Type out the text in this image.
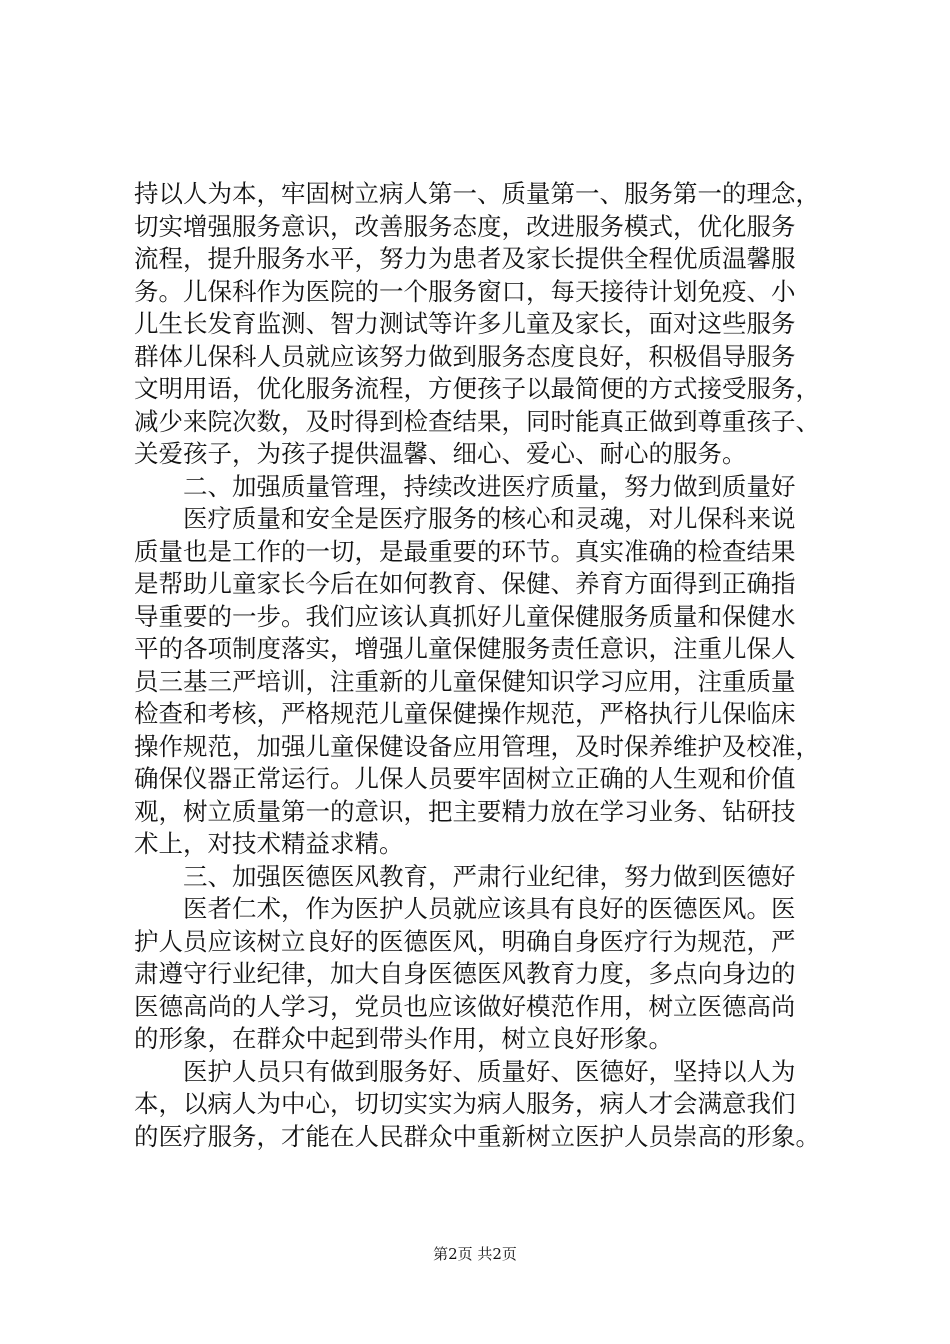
持以人为本，牢固树立病人第一、质量第一、服务第一的理念，
切实增强服务意识，改善服务态度，改进服务模式，优化服务
流程，提升服务水平，努力为患者及家长提供全程优质温馨服
务。儿保科作为医院的一个服务窗口，每天接待计划免疫、小
儿生长发育监测、智力测试等许多儿童及家长，面对这些服务
群体儿保科人员就应该努力做到服务态度良好，积极倡导服务
文明用语，优化服务流程，方便孩子以最简便的方式接受服务，
减少来院次数，及时得到检查结果，同时能真正做到尊重孩子、
关爱孩子，为孩子提供温馨、细心、爱心、耐心的服务。
二、加强质量管理，持续改进医疗质量，努力做到质量好
医疗质量和安全是医疗服务的核心和灵魂，对儿保科来说
质量也是工作的一切，是最重要的环节。真实准确的检查结果
是帮助儿童家长今后在如何教育、保健、养育方面得到正确指
导重要的一步。我们应该认真抓好儿童保健服务质量和保健水
平的各项制度落实，增强儿童保健服务责任意识，注重儿保人
员三基三严培训，注重新的儿童保健知识学习应用，注重质量
检查和考核，严格规范儿童保健操作规范，严格执行儿保临床
操作规范，加强儿童保健设备应用管理，及时保养维护及校准，
确保仪器正常运行。儿保人员要牢固树立正确的人生观和价值
观，树立质量第一的意识，把主要精力放在学习业务、钻研技
术上，对技术精益求精。
三、加强医德医风教育，严肃行业纪律，努力做到医德好
医者仁术，作为医护人员就应该具有良好的医德医风。医
护人员应该树立良好的医德医风，明确自身医疗行为规范，严
肃遵守行业纪律，加大自身医德医风教育力度，多点向身边的
医德高尚的人学习，党员也应该做好模范作用，树立医德高尚
的形象，在群众中起到带头作用，树立良好形象。
医护人员只有做到服务好、质量好、医德好，坚持以人为
本，以病人为中心，切切实实为病人服务，病人才会满意我们
的医疗服务，才能在人民群众中重新树立医护人员崇高的形象。
第2页 共2页
